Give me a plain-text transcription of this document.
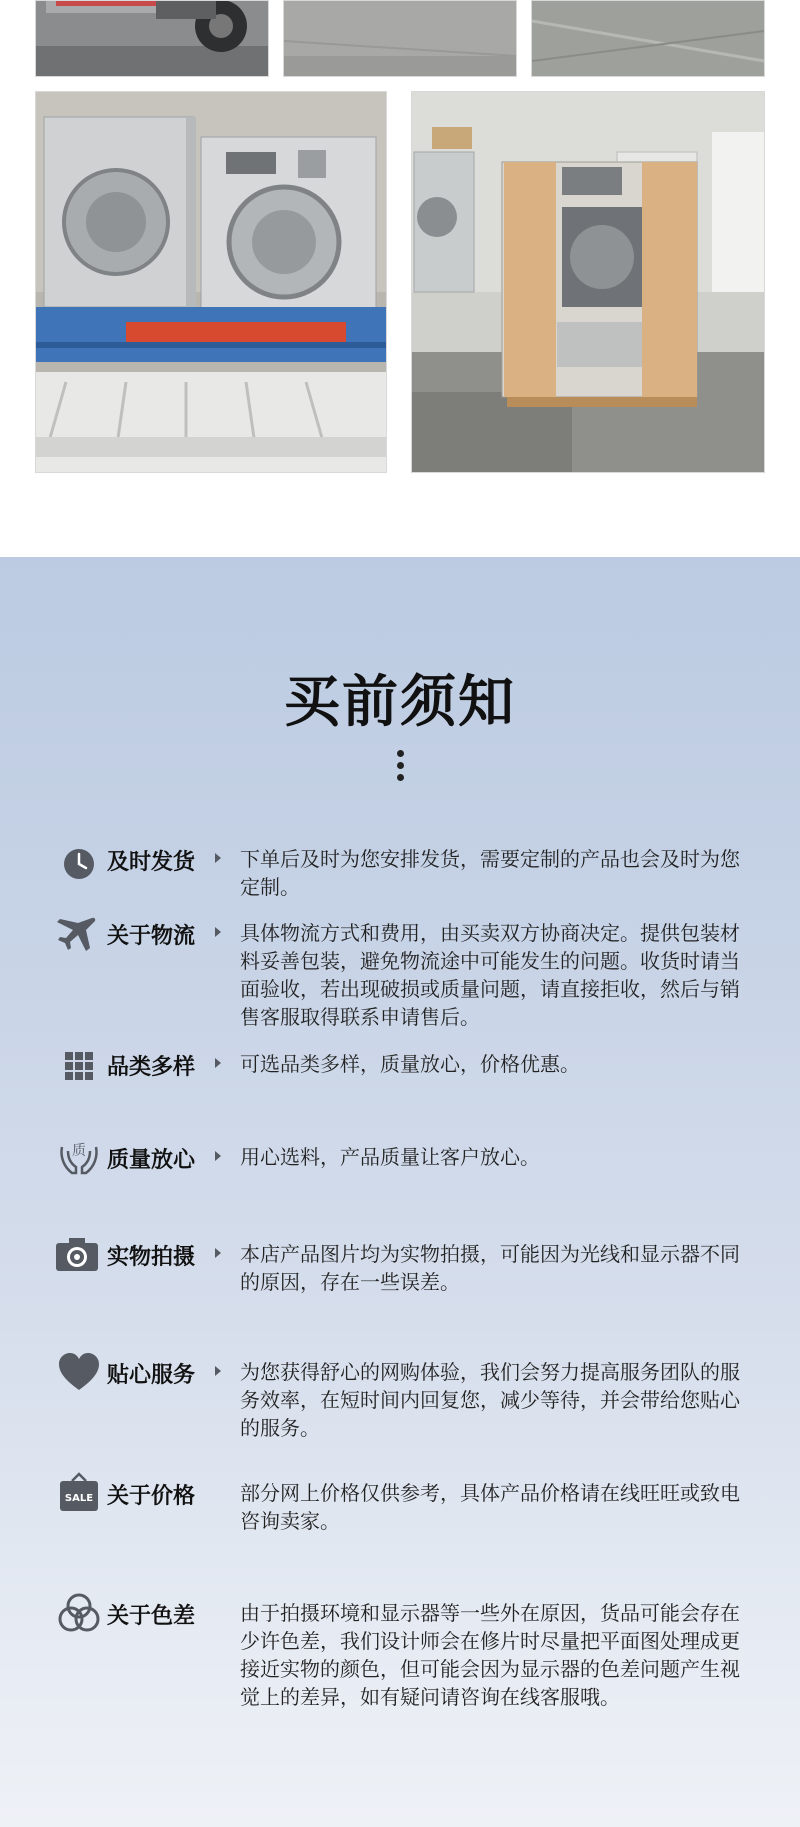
买前须知
及时发货 下单后及时为您安排发货，需要定制的产品也会及时为您定制。
关于物流 具体物流方式和费用，由买卖双方协商决定。提供包装材料妥善包装，避免物流途中可能发生的问题。收货时请当面验收，若出现破损或质量问题，请直接拒收，然后与销售客服取得联系申请售后。
品类多样 可选品类多样，质量放心，价格优惠。
质 质量放心 用心选料，产品质量让客户放心。
实物拍摄 本店产品图片均为实物拍摄，可能因为光线和显示器不同的原因，存在一些误差。
贴心服务 为您获得舒心的网购体验，我们会努力提高服务团队的服务效率，在短时间内回复您，减少等待，并会带给您贴心的服务。
SALE 关于价格 部分网上价格仅供参考，具体产品价格请在线旺旺或致电咨询卖家。
关于色差 由于拍摄环境和显示器等一些外在原因，货品可能会存在少许色差，我们设计师会在修片时尽量把平面图处理成更接近实物的颜色，但可能会因为显示器的色差问题产生视觉上的差异，如有疑问请咨询在线客服哦。
